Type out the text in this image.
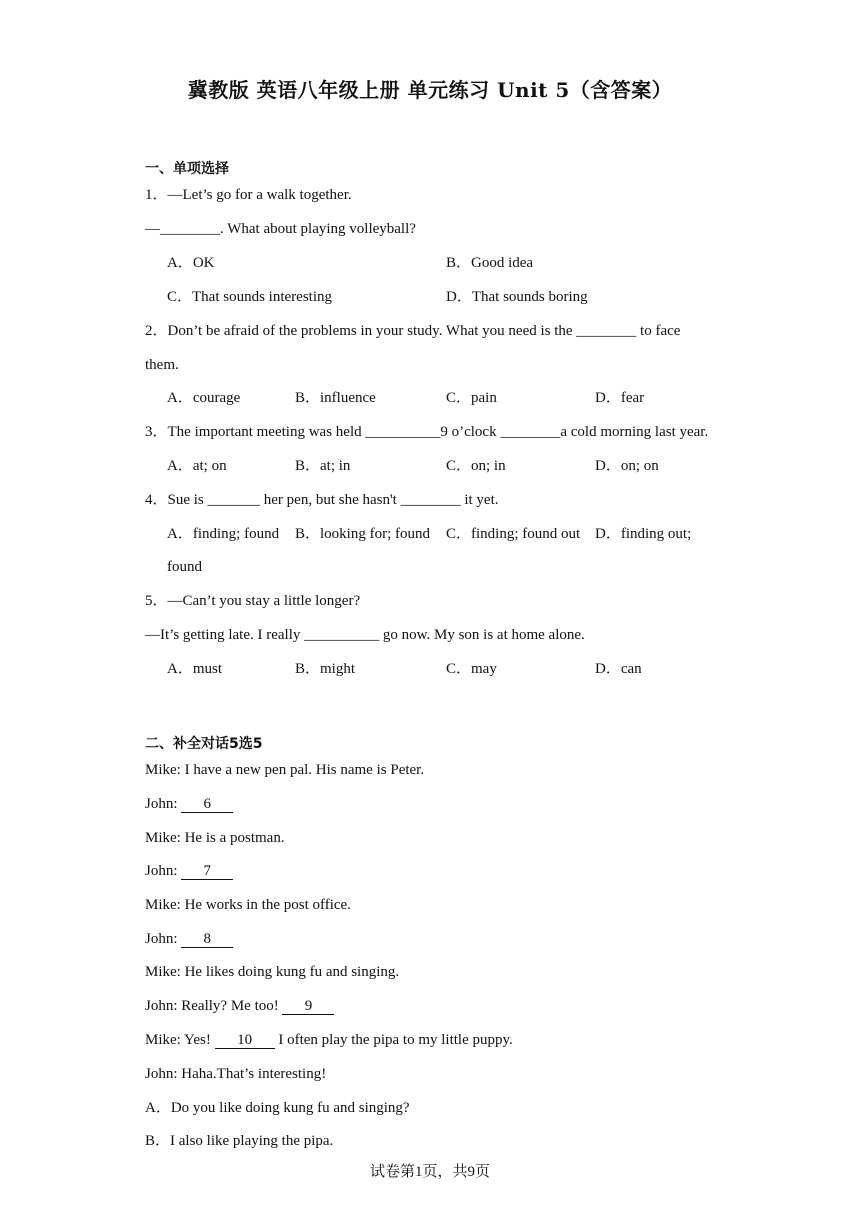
冀教版 英语八年级上册 单元练习 Unit 5（含答案）
一、单项选择
1．—Let’s go for a walk together.
—________. What about playing volleyball?
A．OK	B．Good idea
C．That sounds interesting	D．That sounds boring
2．Don’t be afraid of the problems in your study. What you need is the ________ to face
them.
A．courage	B．influence	C．pain	D．fear
3．The important meeting was held __________9 o’clock ________a cold morning last year.
A．at; on	B．at; in	C．on; in	D．on; on
4．Sue is _______ her pen, but she hasn't ________ it yet.
A．finding; found B．looking for; found C．finding; found out D．finding out;
found
5．—Can’t you stay a little longer?
—It’s getting late. I really __________ go now. My son is at home alone.
A．must	B．might	C．may	D．can
二、补全对话5选5
Mike: I have a new pen pal. His name is Peter.
John: 6
Mike: He is a postman.
John: 7
Mike: He works in the post office.
John: 8
Mike: He likes doing kung fu and singing.
John: Really? Me too! 9
Mike: Yes! 10 I often play the pipa to my little puppy.
John: Haha.That’s interesting!
A．Do you like doing kung fu and singing?
B．I also like playing the pipa.
试卷第1页，共9页
